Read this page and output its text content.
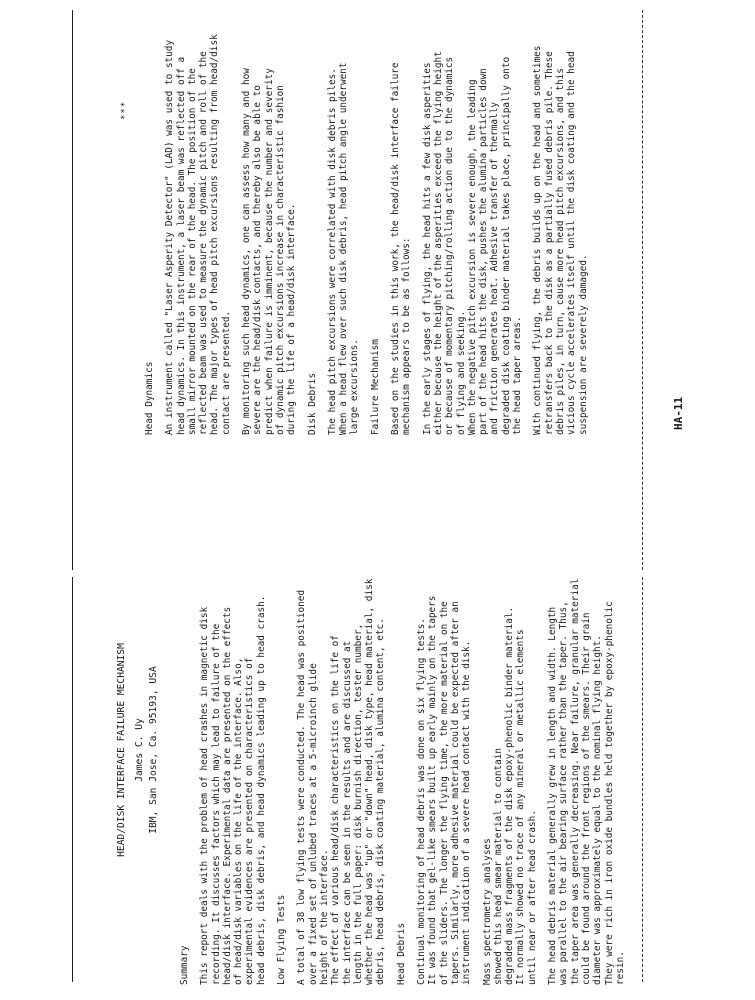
HEAD/DISK INTERFACE FAILURE MECHANISM James C. Uy IBM, San Jose, Ca. 95193, USA
Summary This report deals with the problem of head crashes in magnetic disk
recording. It discusses factors which may lead to failure of the
head/disk interface. Experimental data are presented on the effects
of head/disk variables on the life of the interface. Also,
experimental evidences are presented on characteristics of
head debris, disk debris, and head dynamics leading up to head crash.

Low Flying Tests A total of 38 low flying tests were conducted. The head was positioned
over a fixed set of unlubed traces at a 5-microinch glide
height of the interface.
The effect of various head/disk characteristics on the life of
the interface can be seen in the results and are discussed at
length in the full paper: disk burnish direction, tester number,
whether the head was "up" or "down" head, disk type, head material, disk
debris, head debris, disk coating material, alumina content, etc.

Head Debris Continual monitoring of head debris was done on six flying tests.
It was found that gel-like smears built up early mainly on the tapers
of the sliders. The longer the flying time, the more material on the
tapers. Similarly, more adhesive material could be expected after an
instrument indication of a severe head contact with the disk.

Mass spectrometry analyses
showed this head smear material to contain
degraded mass fragments of the disk epoxy-phenolic binder material.
It normally showed no trace of any mineral or metallic elements
until near or after head crash.

The head debris material generally grew in length and width. Length
was parallel to the air bearing surface rather than the taper. Thus,
the taper area was generally decreasing. Near failure, granular material
could be found around the front regions of the smears. Their grain
diameter was approximately equal to the nominal flying height.
They were rich in iron oxide bundles held together by epoxy-phenolic
resin.

***
Head Dynamics An instrument called "Laser Asperity Detector" (LAD) was used to study
head dynamics. In this instrument, a laser beam was reflected off a
small mirror mounted on the rear of the head. The position of the
reflected beam was used to measure the dynamic pitch and roll of the
head. The major types of head pitch excursions resulting from head/disk
contact are presented.

By monitoring such head dynamics, one can assess how many and how
severe are the head/disk contacts, and thereby also be able to
predict when failure is imminent, because the number and severity
of dynamic pitch excursions increase in characteristic fashion
during the life of a head/disk interface.

Disk Debris The head pitch excursions were correlated with disk debris piles.
When a head flew over such disk debris, head pitch angle underwent
large excursions. Failure Mechanism Based on the studies in this work, the head/disk interface failure
mechanism appears to be as follows:

In the early stages of flying, the head hits a few disk asperities
either because the height of the asperities exceed the flying height
or because of momentary pitching/rolling action due to the dynamics
of flying and seeking.
When the negative pitch excursion is severe enough, the leading
part of the head hits the disk, pushes the alumina particles down
and friction generates heat. Adhesive transfer of thermally
degraded disk coating binder material takes place, principally onto
the head taper areas.

With continued flying, the debris builds up on the head and sometimes
retransfers back to the disk as a partially fused debris pile. These
debris piles, in turn, cause more head pitch excursions, and this
vicious cycle accelerates itself until the disk coating and the head
suspension are severely damaged.

HA-11
